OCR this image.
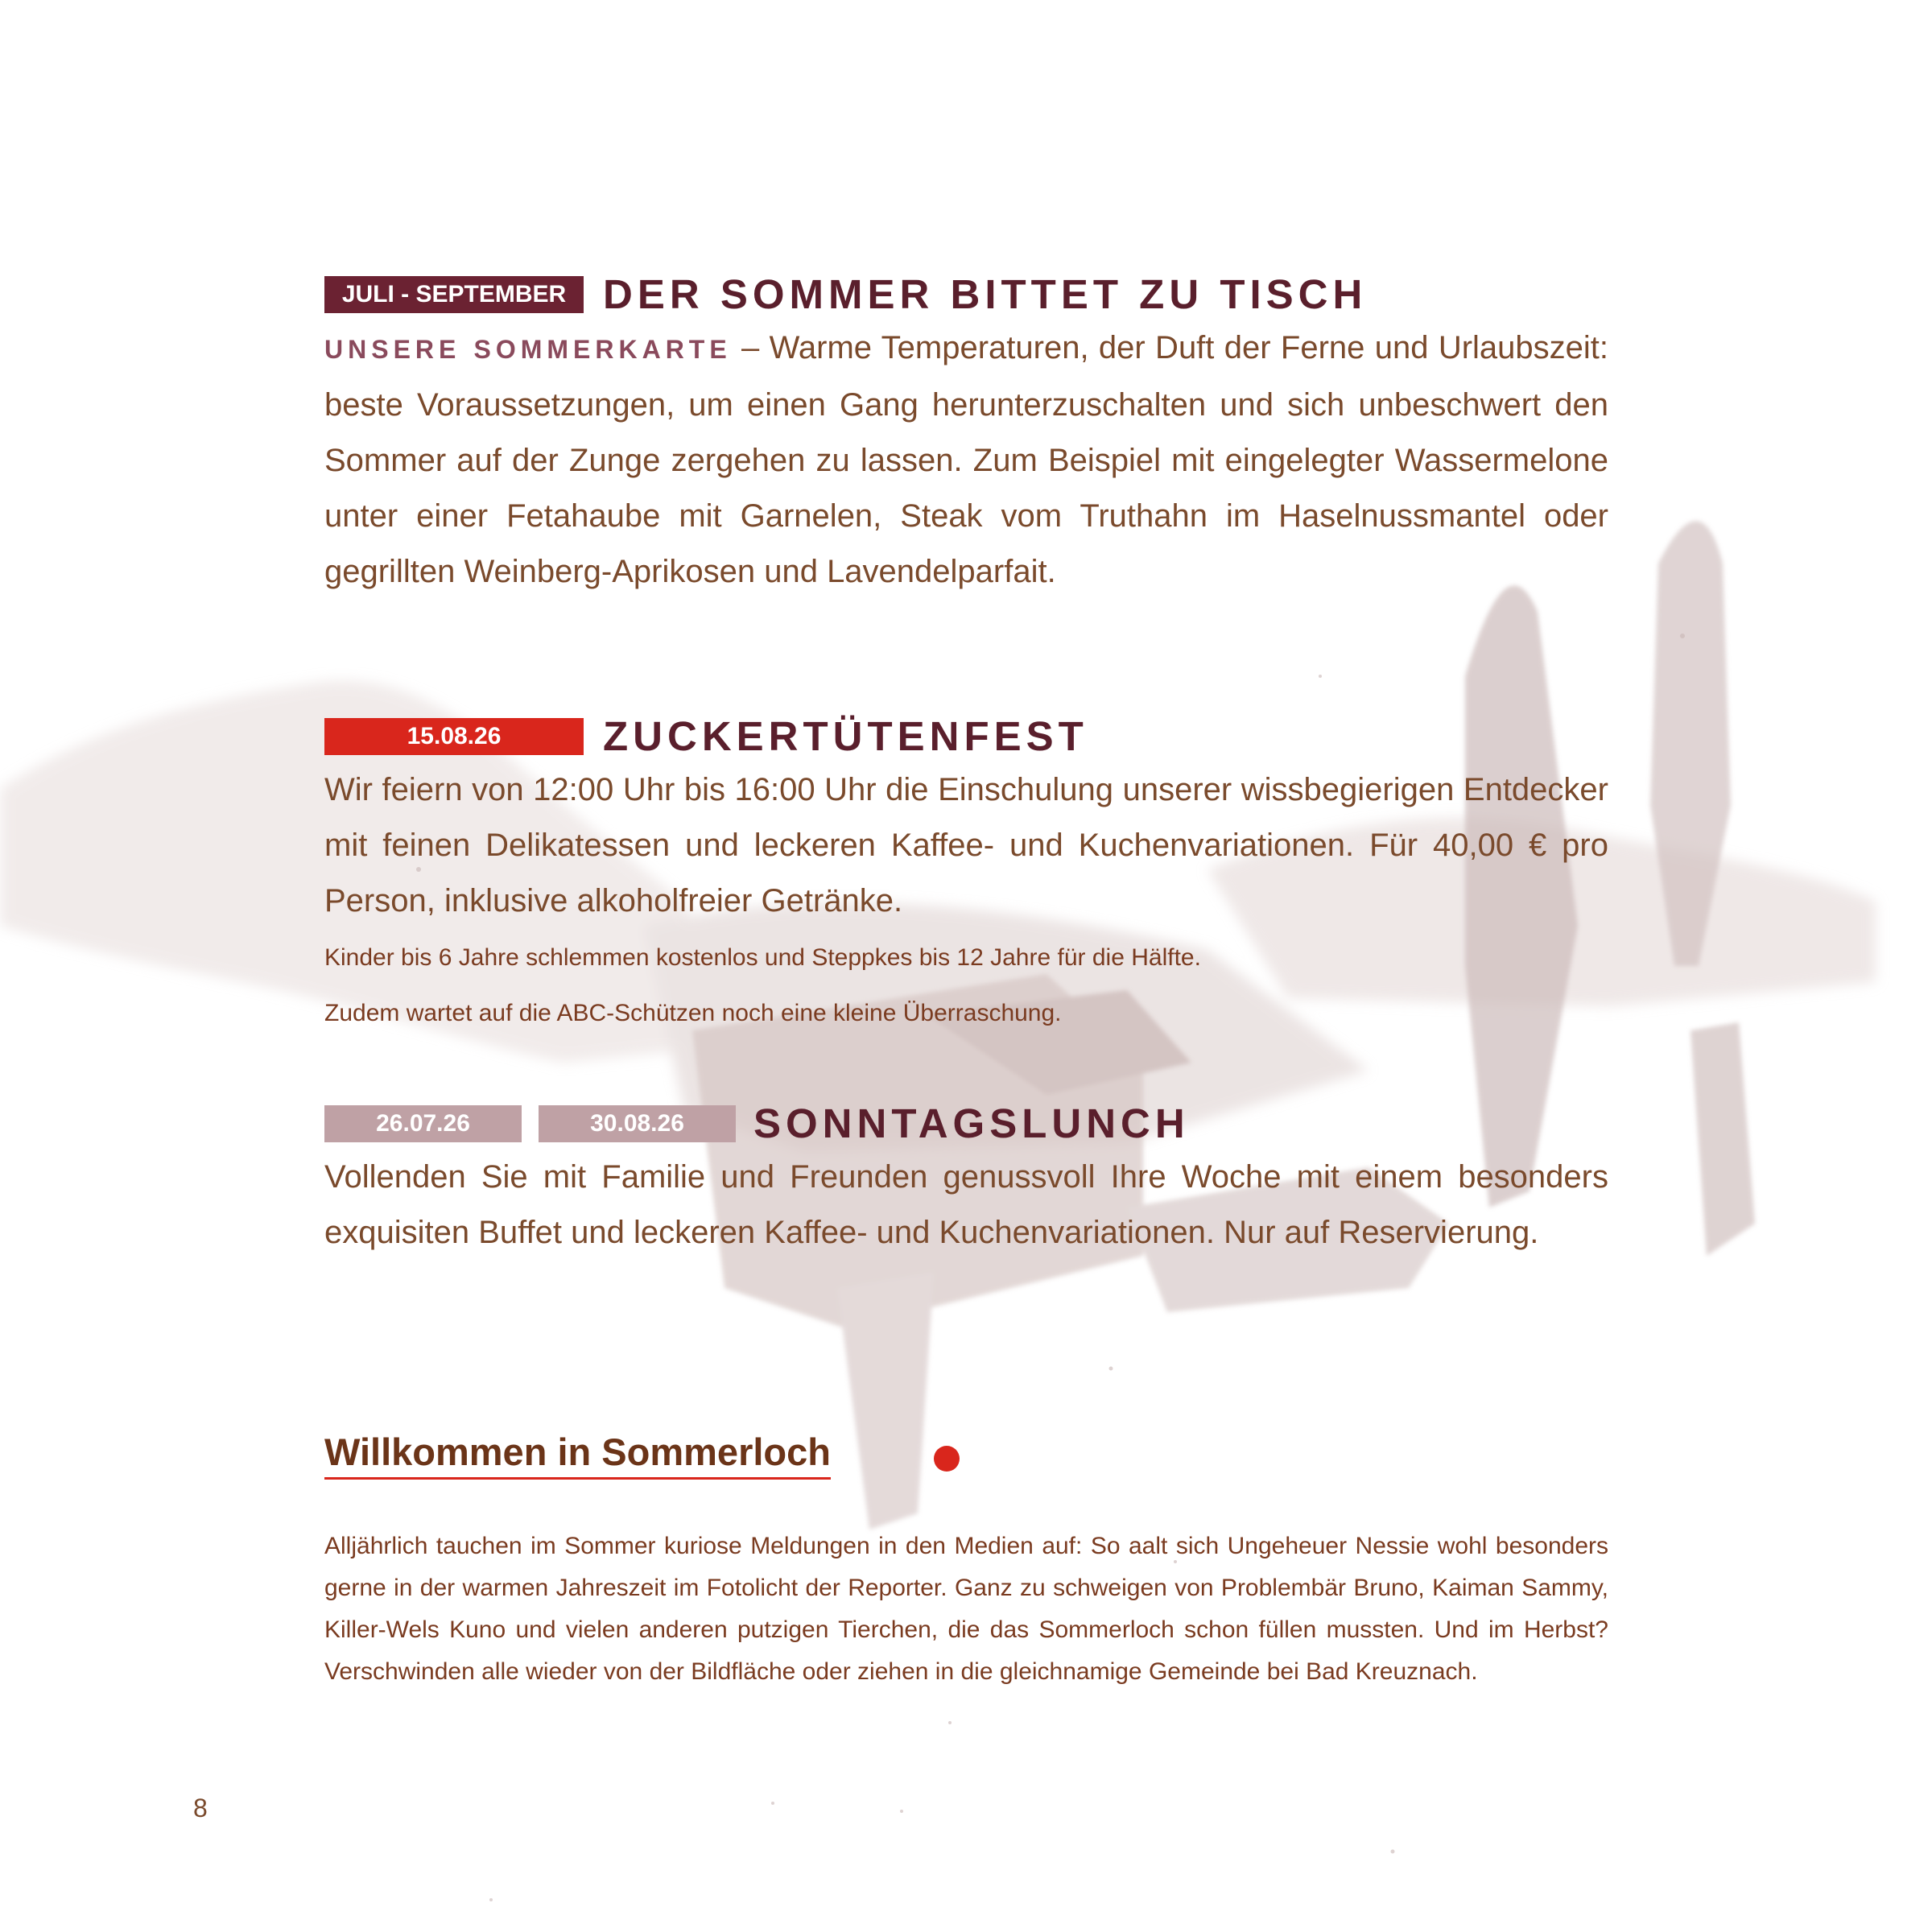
JULI - SEPTEMBER DER SOMMER BITTET ZU TISCH
UNSERE SOMMERKARTE – Warme Temperaturen, der Duft der Ferne und Urlaubszeit: beste Voraussetzungen, um einen Gang herunterzuschalten und sich unbeschwert den Sommer auf der Zunge zergehen zu lassen. Zum Beispiel mit eingelegter Wassermelone unter einer Fetahaube mit Garnelen, Steak vom Truthahn im Haselnussmantel oder gegrillten Weinberg-Aprikosen und Lavendelparfait.
15.08.26	ZUCKERTÜTENFEST
Wir feiern von 12:00 Uhr bis 16:00 Uhr die Einschulung unserer wissbegierigen Entdecker mit feinen Delikatessen und leckeren Kaffee- und Kuchenvariationen. Für 40,00 € pro Person, inklusive alkoholfreier Getränke.
Kinder bis 6 Jahre schlemmen kostenlos und Steppkes bis 12 Jahre für die Hälfte.
Zudem wartet auf die ABC-Schützen noch eine kleine Überraschung.
26.07.26	30.08.26	SONNTAGSLUNCH
Vollenden Sie mit Familie und Freunden genussvoll Ihre Woche mit einem besonders exquisiten Buffet und leckeren Kaffee- und Kuchenvariationen. Nur auf Reservierung.
Willkommen in Sommerloch
Alljährlich tauchen im Sommer kuriose Meldungen in den Medien auf: So aalt sich Ungeheuer Nessie wohl besonders gerne in der warmen Jahreszeit im Fotolicht der Reporter. Ganz zu schweigen von Problembär Bruno, Kaiman Sammy, Killer-Wels Kuno und vielen anderen putzigen Tierchen, die das Sommerloch schon füllen mussten. Und im Herbst? Verschwinden alle wieder von der Bildfläche oder ziehen in die gleichnamige Gemeinde bei Bad Kreuznach.
8
